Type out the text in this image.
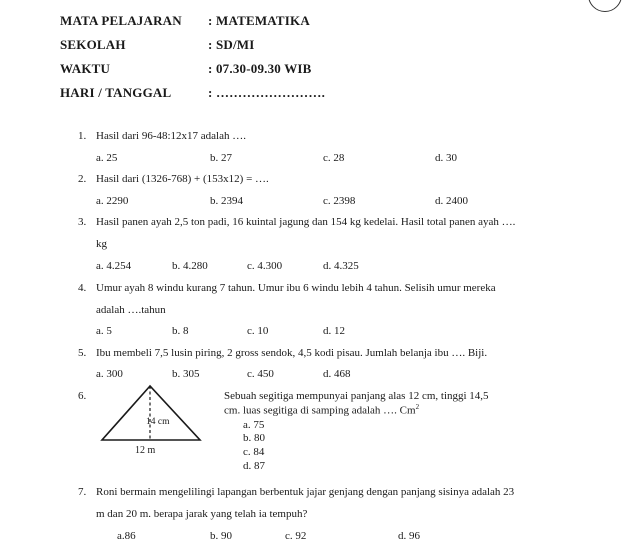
MATA PELAJARAN : MATEMATIKA
SEKOLAH	: SD/MI
WAKTU	: 07.30-09.30 WIB
HARI / TANGGAL	: …………………….
1. Hasil dari 96-48:12x17 adalah ….
a. 25	b. 27	c. 28	d. 30
2. Hasil dari (1326-768) + (153x12) = ….
a. 2290	b. 2394	c. 2398	d. 2400
3. Hasil panen ayah 2,5 ton padi, 16 kuintal jagung dan 154 kg kedelai. Hasil total panen ayah ….
kg
a. 4.254	b. 4.280	c. 4.300	d. 4.325
4. Umur ayah 8 windu kurang 7 tahun. Umur ibu 6 windu lebih 4 tahun. Selisih umur mereka
adalah ….tahun
a. 5	b. 8	c. 10	d. 12
5. Ibu membeli 7,5 lusin piring, 2 gross sendok, 4,5 kodi pisau. Jumlah belanja ibu …. Biji.
a. 300	b. 305	c. 450	d. 468
6.
14 cm
12 m
Sebuah segitiga mempunyai panjang alas 12 cm, tinggi 14,5
cm. luas segitiga di samping adalah …. Cm$^2$
a. 75
b. 80
c. 84
d. 87
7. Roni bermain mengelilingi lapangan berbentuk jajar genjang dengan panjang sisinya adalah 23
m dan 20 m. berapa jarak yang telah ia tempuh?
a.86	b. 90	c. 92	d. 96
